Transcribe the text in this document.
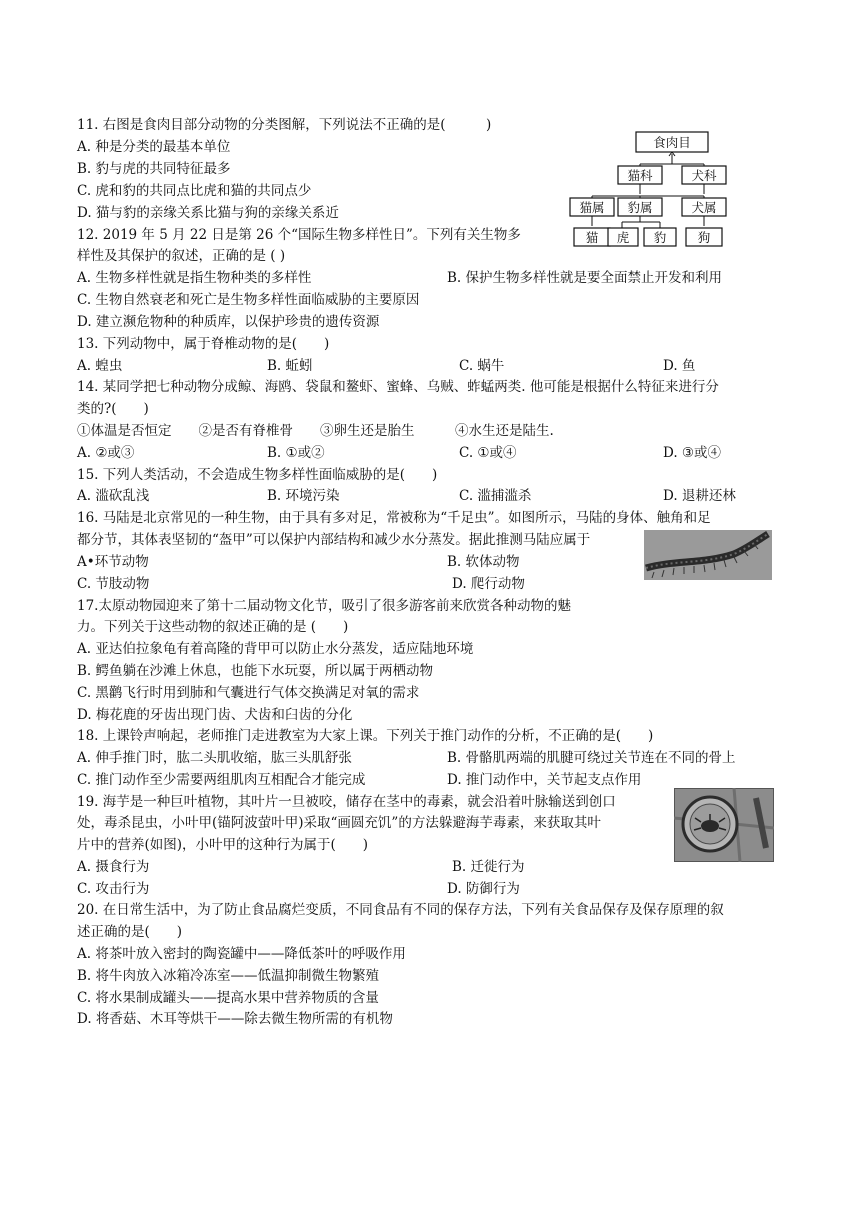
11. 右图是食肉目部分动物的分类图解，下列说法不正确的是(　　　)
A. 种是分类的最基本单位
B. 豹与虎的共同特征最多
C. 虎和豹的共同点比虎和猫的共同点少
D. 猫与豹的亲缘关系比猫与狗的亲缘关系近
食肉目
猫科	犬科
猫属 豹属	犬属
猫 虎 豹	狗
12. 2019 年 5 月 22 日是第 26 个“国际生物多样性日”。下列有关生物多
样性及其保护的叙述，正确的是 ( )
A. 生物多样性就是指生物种类的多样性	B. 保护生物多样性就是要全面禁止开发和利用
C. 生物自然衰老和死亡是生物多样性面临威胁的主要原因
D. 建立濒危物种的种质库，以保护珍贵的遗传资源
13. 下列动物中，属于脊椎动物的是(　　)
A. 蝗虫	B. 蚯蚓	C. 蜗牛	D. 鱼
14. 某同学把七种动物分成鲸、海鸥、袋鼠和鳌虾、蜜蜂、乌贼、蚱蜢两类. 他可能是根据什么特征来进行分
类的?(　　)
①体温是否恒定　　②是否有脊椎骨　　③卵生还是胎生　　　④水生还是陆生.
A. ②或③	B. ①或②	C. ①或④	D. ③或④
15. 下列人类活动，不会造成生物多样性面临威胁的是(　　)
A. 滥砍乱浅	B. 环境污染	C. 滥捕滥杀	D. 退耕还林
16. 马陆是北京常见的一种生物，由于具有多对足，常被称为“千足虫”。如图所示，马陆的身体、触角和足
都分节，其体表坚韧的“盔甲”可以保护内部结构和减少水分蒸发。据此推测马陆应属于
A•环节动物	B. 软体动物
C. 节肢动物	D. 爬行动物
17.太原动物园迎来了第十二届动物文化节，吸引了很多游客前来欣赏各种动物的魅
力。下列关于这些动物的叙述正确的是 (　　)
A. 亚达伯拉象龟有着高隆的背甲可以防止水分蒸发，适应陆地环境
B. 鳄鱼躺在沙滩上休息，也能下水玩耍，所以属于两栖动物
C. 黑鹳飞行时用到肺和气囊进行气体交换满足对氧的需求
D. 梅花鹿的牙齿出现门齿、犬齿和臼齿的分化
18. 上课铃声响起，老师推门走进教室为大家上课。下列关于推门动作的分析，不正确的是(　　)
A. 伸手推门时，肱二头肌收缩，肱三头肌舒张	B. 骨骼肌两端的肌腱可绕过关节连在不同的骨上
C. 推门动作至少需要两组肌肉互相配合才能完成	D. 推门动作中，关节起支点作用
19. 海芋是一种巨叶植物，其叶片一旦被咬，储存在茎中的毒素，就会沿着叶脉输送到创口
处，毒杀昆虫，小叶甲(锚阿波萤叶甲)采取“画圆充饥”的方法躲避海芋毒素，来获取其叶
片中的营养(如图)，小叶甲的这种行为属于(　　)
A. 摄食行为	B. 迁徙行为
C. 攻击行为	D. 防御行为
20. 在日常生活中，为了防止食品腐烂变质，不同食品有不同的保存方法，下列有关食品保存及保存原理的叙
述正确的是(　　)
A. 将茶叶放入密封的陶瓷罐中——降低茶叶的呼吸作用
B. 将牛肉放入冰箱冷冻室——低温抑制微生物繁殖
C. 将水果制成罐头——提高水果中营养物质的含量
D. 将香菇、木耳等烘干——除去微生物所需的有机物
